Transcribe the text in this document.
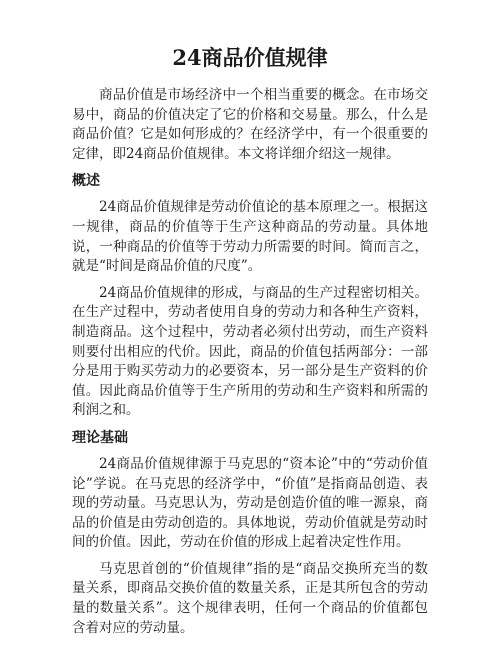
24商品价值规律

商品价值是市场经济中一个相当重要的概念。在市场交易中，商品的价值决定了它的价格和交易量。那么，什么是商品价值？它是如何形成的？在经济学中，有一个很重要的定律，即24商品价值规律。本文将详细介绍这一规律。

概述

24商品价值规律是劳动价值论的基本原理之一。根据这一规律，商品的价值等于生产这种商品的劳动量。具体地说，一种商品的价值等于劳动力所需要的时间。简而言之，就是“时间是商品价值的尺度”。

24商品价值规律的形成，与商品的生产过程密切相关。在生产过程中，劳动者使用自身的劳动力和各种生产资料，制造商品。这个过程中，劳动者必须付出劳动，而生产资料则要付出相应的代价。因此，商品的价值包括两部分：一部分是用于购买劳动力的必要资本，另一部分是生产资料的价值。因此商品价值等于生产所用的劳动和生产资料和所需的利润之和。

理论基础

24商品价值规律源于马克思的“资本论”中的“劳动价值论”学说。在马克思的经济学中，“价值”是指商品创造、表现的劳动量。马克思认为，劳动是创造价值的唯一源泉，商品的价值是由劳动创造的。具体地说，劳动价值就是劳动时间的价值。因此，劳动在价值的形成上起着决定性作用。

马克思首创的“价值规律”指的是“商品交换所充当的数量关系，即商品交换价值的数量关系，正是其所包含的劳动量的数量关系”。这个规律表明，任何一个商品的价值都包含着对应的劳动量。
